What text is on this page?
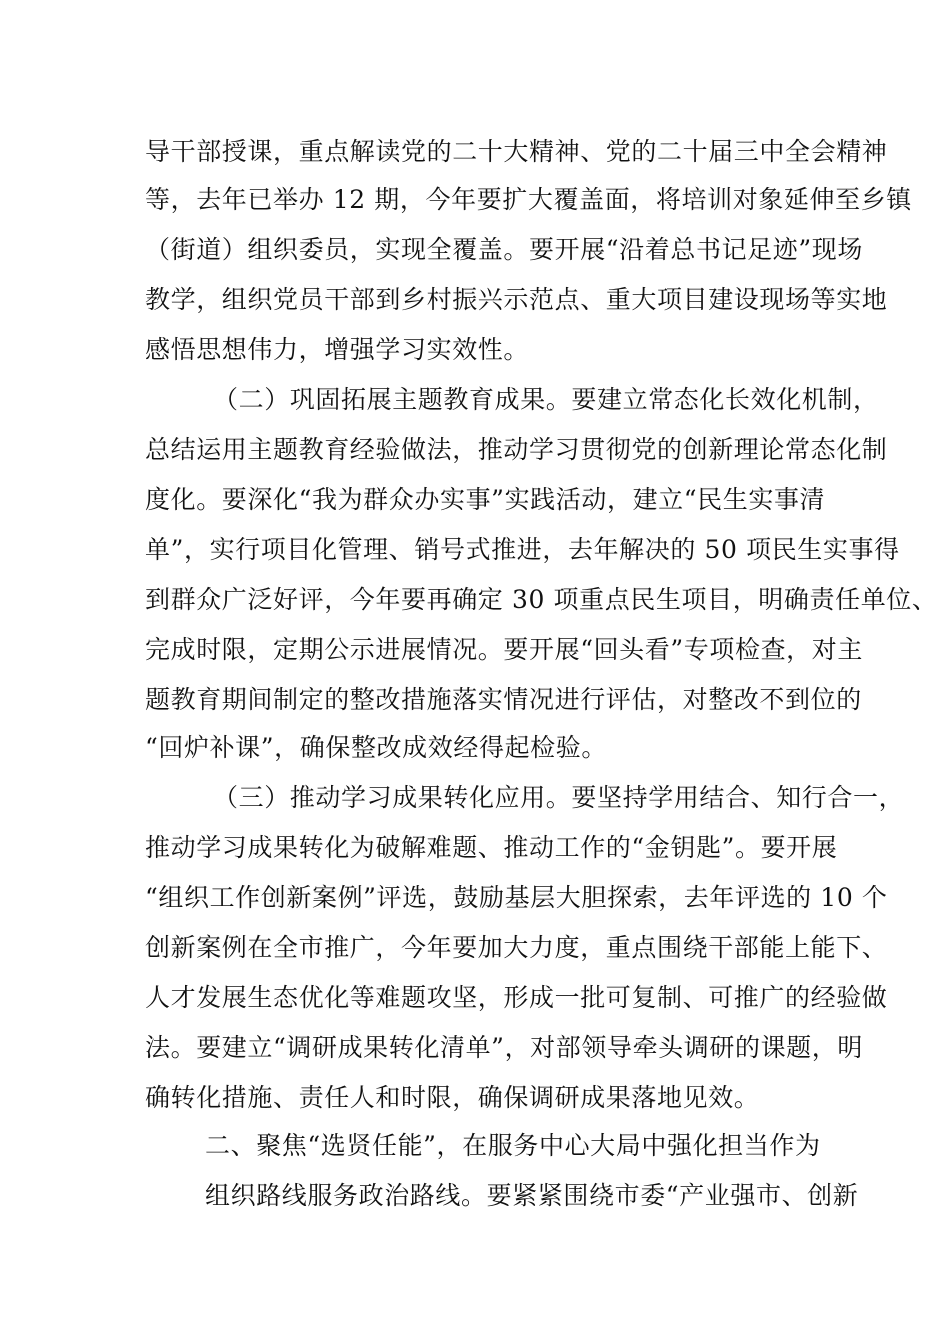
导干部授课，重点解读党的二十大精神、党的二十届三中全会精神
等，去年已举办 12 期，今年要扩大覆盖面，将培训对象延伸至乡镇
（街道）组织委员，实现全覆盖。要开展“沿着总书记足迹”现场
教学，组织党员干部到乡村振兴示范点、重大项目建设现场等实地
感悟思想伟力，增强学习实效性。
（二）巩固拓展主题教育成果。要建立常态化长效化机制，
总结运用主题教育经验做法，推动学习贯彻党的创新理论常态化制
度化。要深化“我为群众办实事”实践活动，建立“民生实事清
单”，实行项目化管理、销号式推进，去年解决的 50 项民生实事得
到群众广泛好评，今年要再确定 30 项重点民生项目，明确责任单位、
完成时限，定期公示进展情况。要开展“回头看”专项检查，对主
题教育期间制定的整改措施落实情况进行评估，对整改不到位的
“回炉补课”，确保整改成效经得起检验。
（三）推动学习成果转化应用。要坚持学用结合、知行合一，
推动学习成果转化为破解难题、推动工作的“金钥匙”。要开展
“组织工作创新案例”评选，鼓励基层大胆探索，去年评选的 10 个
创新案例在全市推广，今年要加大力度，重点围绕干部能上能下、
人才发展生态优化等难题攻坚，形成一批可复制、可推广的经验做
法。要建立“调研成果转化清单”，对部领导牵头调研的课题，明
确转化措施、责任人和时限，确保调研成果落地见效。
二、聚焦“选贤任能”，在服务中心大局中强化担当作为
组织路线服务政治路线。要紧紧围绕市委“产业强市、创新
